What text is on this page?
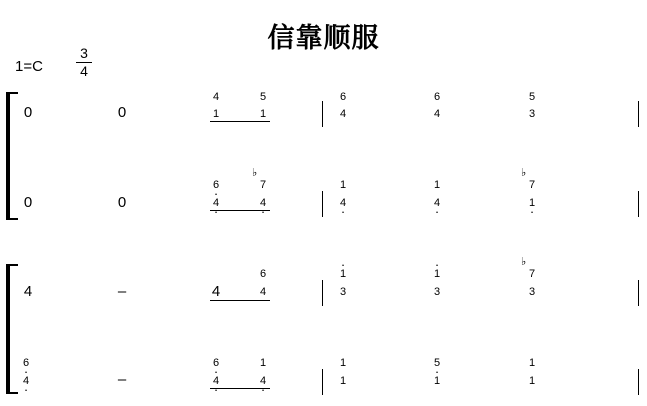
信靠顺服
$1=C \frac{3}{4}$
0	0
4
1
5
1
6
4
6
4
5
3
0	0
6 ·
4 ·
♭
7
4 ·
1
4 ·
1
4 ·
♭
7
1 ·
4	–	4
6
4
· 1
3
· 1
3
♭
7
3
6 ·
4 ·	–
6 ·
4 ·
1
4 ·
1
1
5 ·
1
1
1
